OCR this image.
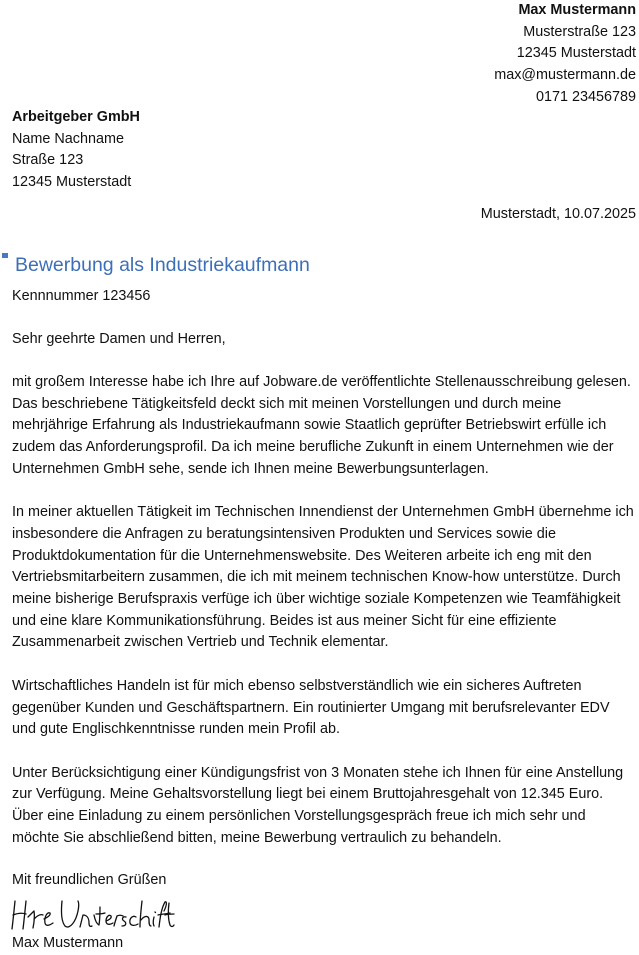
Max Mustermann
Musterstraße 123
12345 Musterstadt
max@mustermann.de
0171 23456789
Arbeitgeber GmbH
Name Nachname
Straße 123
12345 Musterstadt
Musterstadt, 10.07.2025
Bewerbung als Industriekaufmann
Kennnummer 123456
Sehr geehrte Damen und Herren,

mit großem Interesse habe ich Ihre auf Jobware.de veröffentlichte Stellenausschreibung gelesen. Das beschriebene Tätigkeitsfeld deckt sich mit meinen Vorstellungen und durch meine mehrjährige Erfahrung als Industriekaufmann sowie Staatlich geprüfter Betriebswirt erfülle ich zudem das Anforderungsprofil. Da ich meine berufliche Zukunft in einem Unternehmen wie der Unternehmen GmbH sehe, sende ich Ihnen meine Bewerbungsunterlagen.

In meiner aktuellen Tätigkeit im Technischen Innendienst der Unternehmen GmbH übernehme ich insbesondere die Anfragen zu beratungsintensiven Produkten und Services sowie die Produktdokumentation für die Unternehmenswebsite. Des Weiteren arbeite ich eng mit den Vertriebsmitarbeitern zusammen, die ich mit meinem technischen Know-how unterstütze. Durch meine bisherige Berufspraxis verfüge ich über wichtige soziale Kompetenzen wie Teamfähigkeit und eine klare Kommunikationsführung. Beides ist aus meiner Sicht für eine effiziente Zusammenarbeit zwischen Vertrieb und Technik elementar.

Wirtschaftliches Handeln ist für mich ebenso selbstverständlich wie ein sicheres Auftreten gegenüber Kunden und Geschäftspartnern. Ein routinierter Umgang mit berufsrelevanter EDV und gute Englischkenntnisse runden mein Profil ab.

Unter Berücksichtigung einer Kündigungsfrist von 3 Monaten stehe ich Ihnen für eine Anstellung zur Verfügung. Meine Gehaltsvorstellung liegt bei einem Bruttojahresgehalt von 12.345 Euro. Über eine Einladung zu einem persönlichen Vorstellungsgespräch freue ich mich sehr und möchte Sie abschließend bitten, meine Bewerbung vertraulich zu behandeln.

Mit freundlichen Grüßen
Max Mustermann
